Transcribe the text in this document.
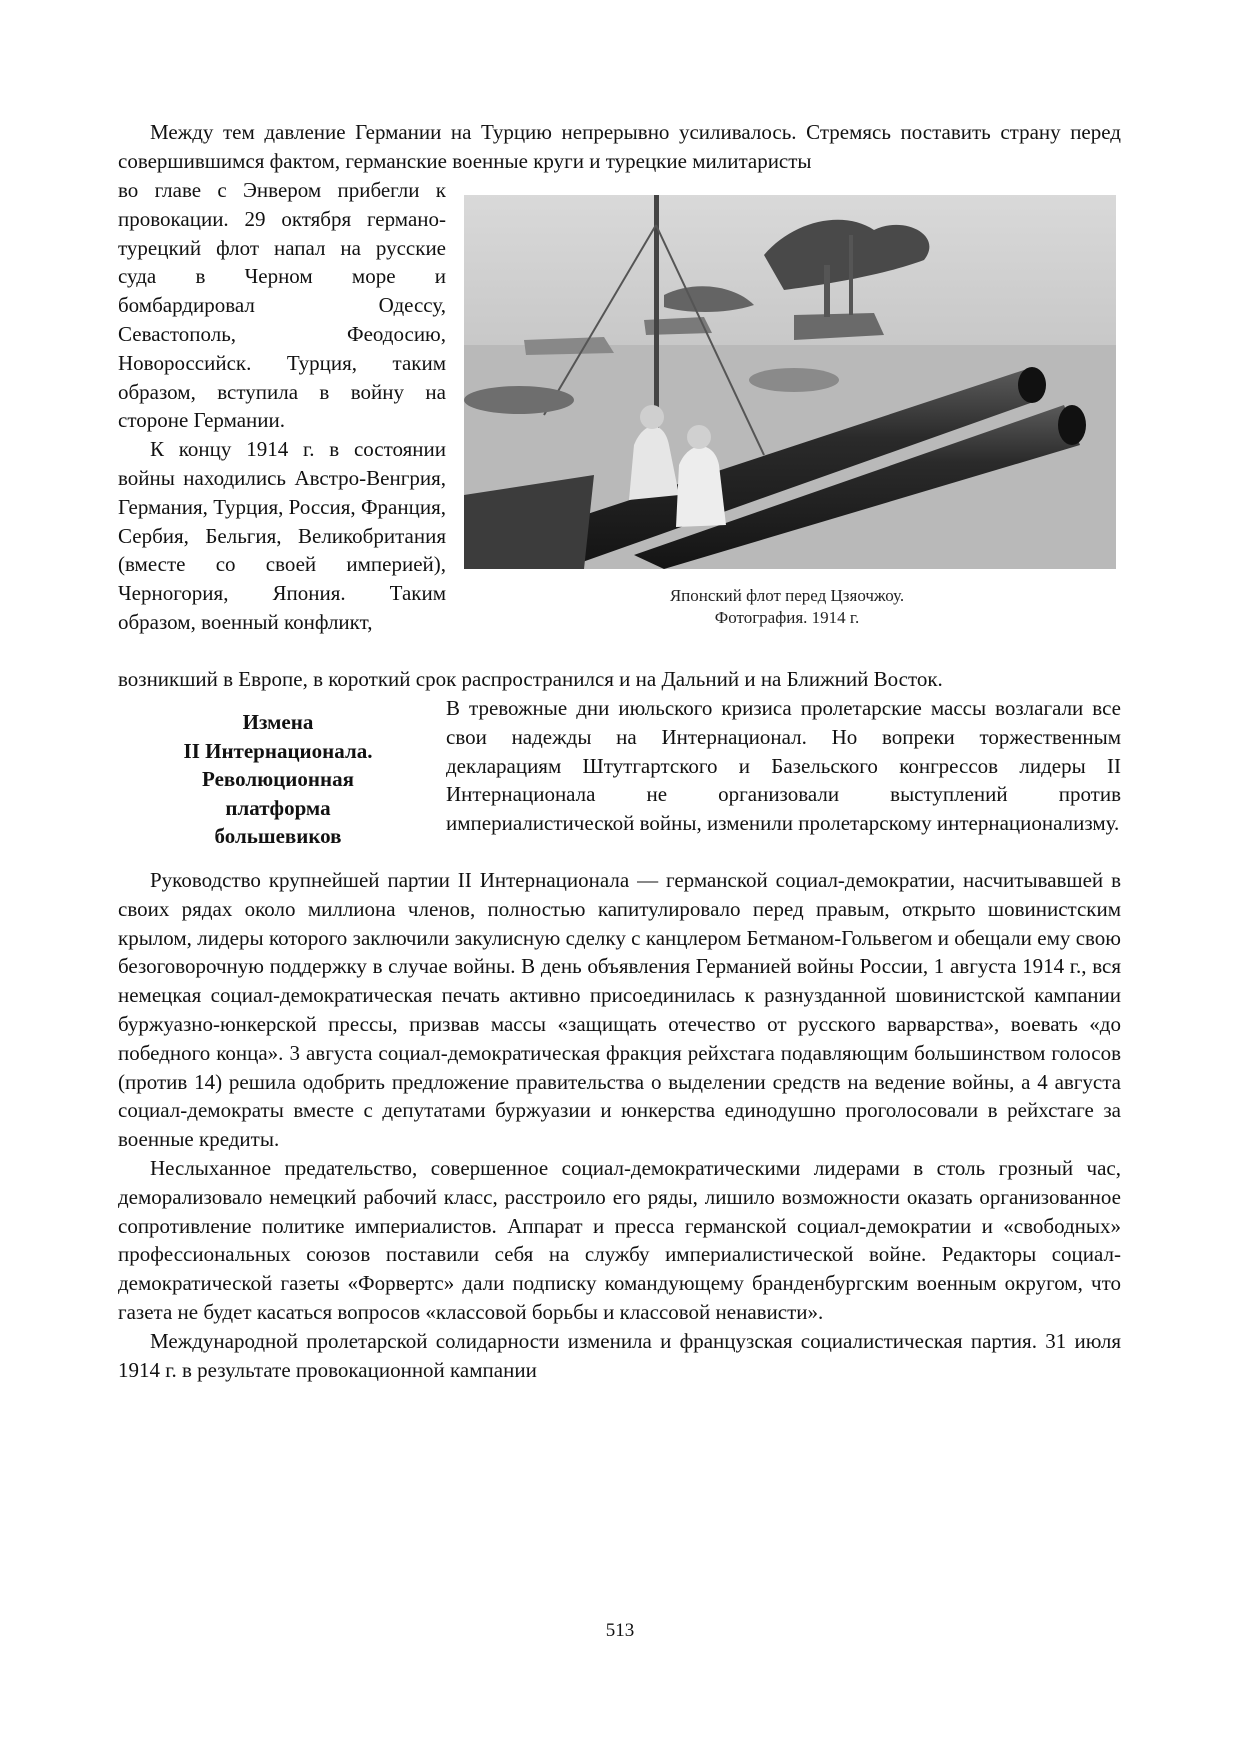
Между тем давление Германии на Турцию непрерывно усиливалось. Стремясь поставить страну перед совершившимся фактом, германские военные круги и турецкие милитаристы

во главе с Энвером прибегли к провокации. 29 октября германо-турецкий флот напал на русские суда в Черном море и бомбардировал Одессу, Севастополь, Феодосию, Новороссийск. Турция, таким образом, вступила в войну на стороне Германии.

К концу 1914 г. в состоянии войны находились Австро-Венгрия, Германия, Турция, Россия, Франция, Сербия, Бельгия, Великобритания (вместе со своей империей), Черногория, Япония. Таким образом, военный конфликт,

Японский флот перед Цзяочжоу.
Фотография. 1914 г.

возникший в Европе, в короткий срок распространился и на Дальний и на Ближний Восток.

Измена
II Интернационала.
Революционная
платформа
большевиков

В тревожные дни июльского кризиса пролетарские массы возлагали все свои надежды на Интернационал. Но вопреки торжественным декларациям Штутгартского и Базельского конгрессов лидеры II Интернационала не организовали выступлений против империалистической войны, изменили пролетарскому интернационализму.

Руководство крупнейшей партии II Интернационала — германской социал-демократии, насчитывавшей в своих рядах около миллиона членов, полностью капитулировало перед правым, открыто шовинистским крылом, лидеры которого заключили закулисную сделку с канцлером Бетманом-Гольвегом и обещали ему свою безоговорочную поддержку в случае войны. В день объявления Германией войны России, 1 августа 1914 г., вся немецкая социал-демократическая печать активно присоединилась к разнузданной шовинистской кампании буржуазно-юнкерской прессы, призвав массы «защищать отечество от русского варварства», воевать «до победного конца». 3 августа социал-демократическая фракция рейхстага подавляющим большинством голосов (против 14) решила одобрить предложение правительства о выделении средств на ведение войны, а 4 августа социал-демократы вместе с депутатами буржуазии и юнкерства единодушно проголосовали в рейхстаге за военные кредиты.

Неслыханное предательство, совершенное социал-демократическими лидерами в столь грозный час, деморализовало немецкий рабочий класс, расстроило его ряды, лишило возможности оказать организованное сопротивление политике империалистов. Аппарат и пресса германской социал-демократии и «свободных» профессиональных союзов поставили себя на службу империалистической войне. Редакторы социал-демократической газеты «Форвертс» дали подписку командующему бранденбургским военным округом, что газета не будет касаться вопросов «классовой борьбы и классовой ненависти».

Международной пролетарской солидарности изменила и французская социалистическая партия. 31 июля 1914 г. в результате провокационной кампании

513
